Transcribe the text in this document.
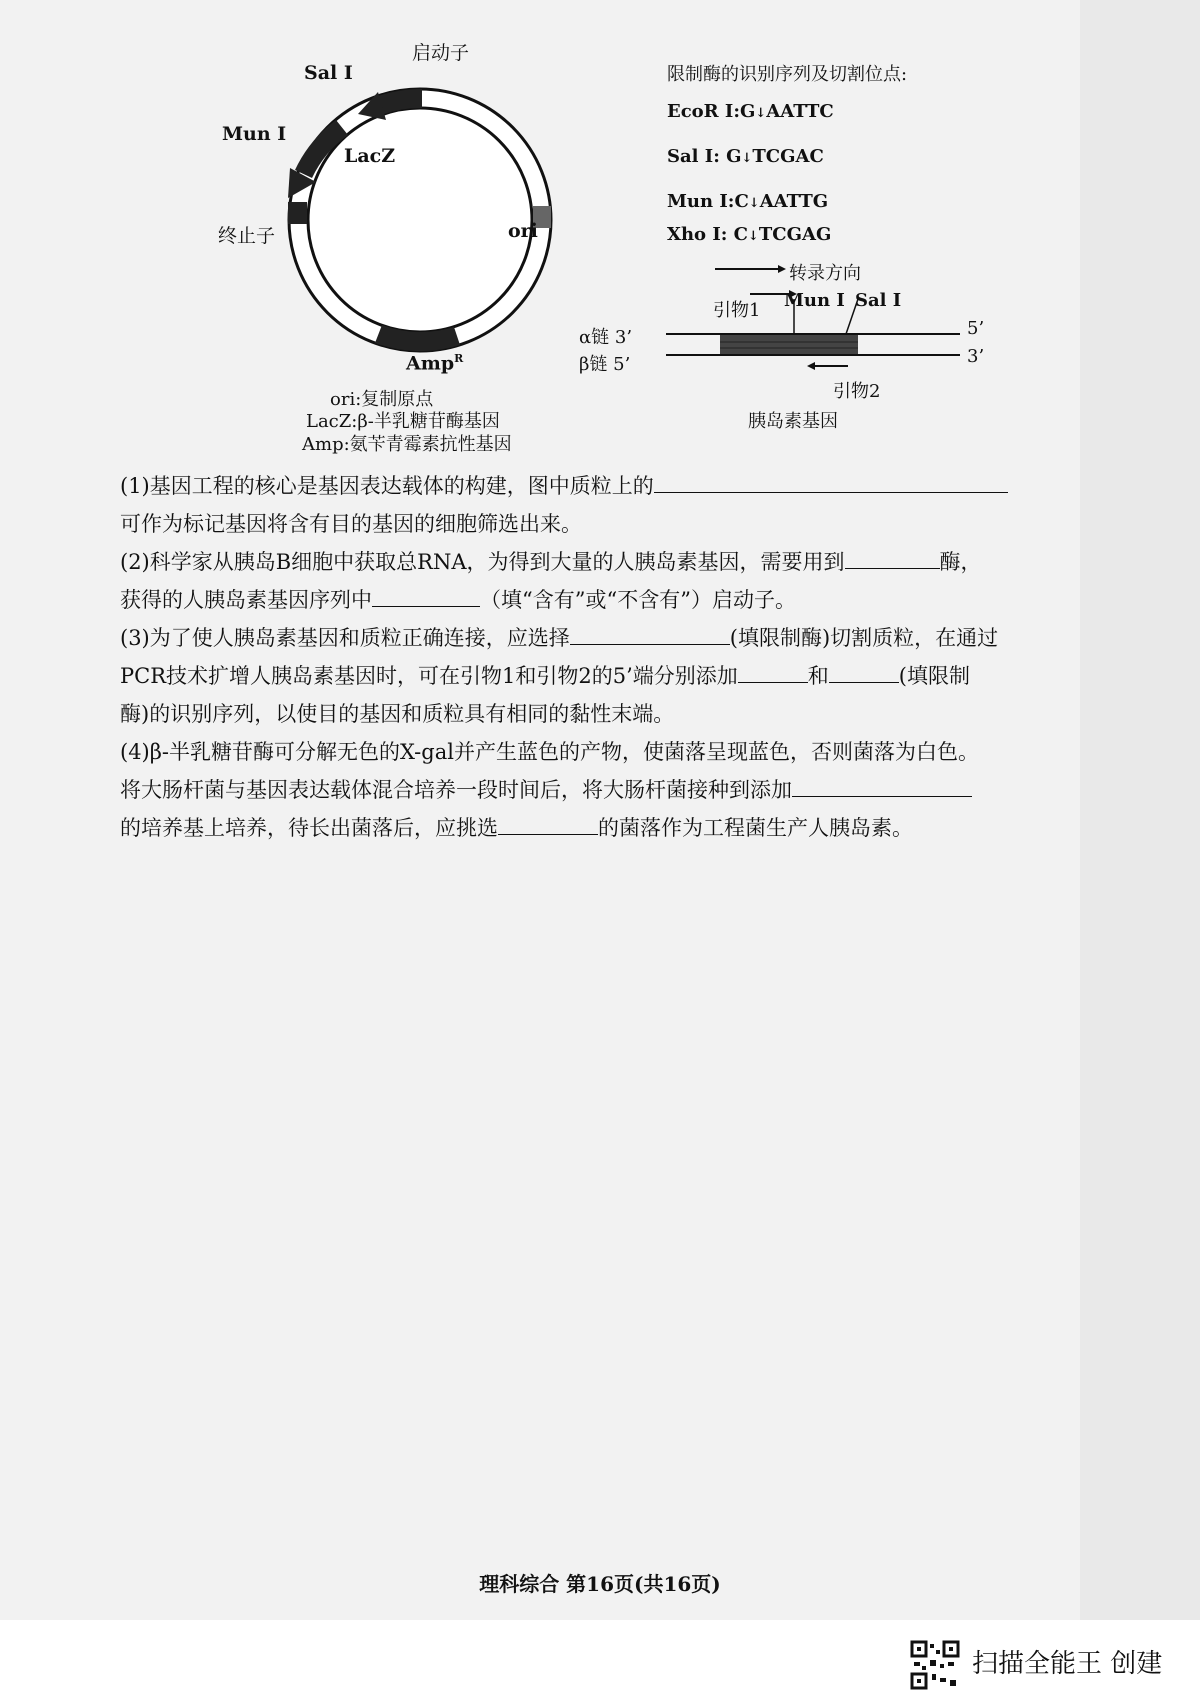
启动子
Sal I
Mun I
LacZ
终止子	ori
Amp$^R$
ori:复制原点
LacZ:β-半乳糖苷酶基因
Amp:氨苄青霉素抗性基因
限制酶的识别序列及切割位点:
EcoR I:G↓AATTC
Sal I: G↓TCGAC
Mun I:C↓AATTG
Xho I: C↓TCGAG
转录方向
引物1 Mun I Sal I
α链 3’
β链 5’
5’
3’
引物2
胰岛素基因
(1)基因工程的核心是基因表达载体的构建，图中质粒上的
可作为标记基因将含有目的基因的细胞筛选出来。
(2)科学家从胰岛B细胞中获取总RNA，为得到大量的人胰岛素基因，需要用到	酶，
获得的人胰岛素基因序列中	（填“含有”或“不含有”）启动子。
(3)为了使人胰岛素基因和质粒正确连接，应选择	(填限制酶)切割质粒，在通过
PCR技术扩增人胰岛素基因时，可在引物1和引物2的5’端分别添加	和	(填限制
酶)的识别序列，以使目的基因和质粒具有相同的黏性末端。
(4)β-半乳糖苷酶可分解无色的X-gal并产生蓝色的产物，使菌落呈现蓝色，否则菌落为白色。
将大肠杆菌与基因表达载体混合培养一段时间后，将大肠杆菌接种到添加
的培养基上培养，待长出菌落后，应挑选	的菌落作为工程菌生产人胰岛素。
理科综合 第16页(共16页)
扫描全能王 创建
